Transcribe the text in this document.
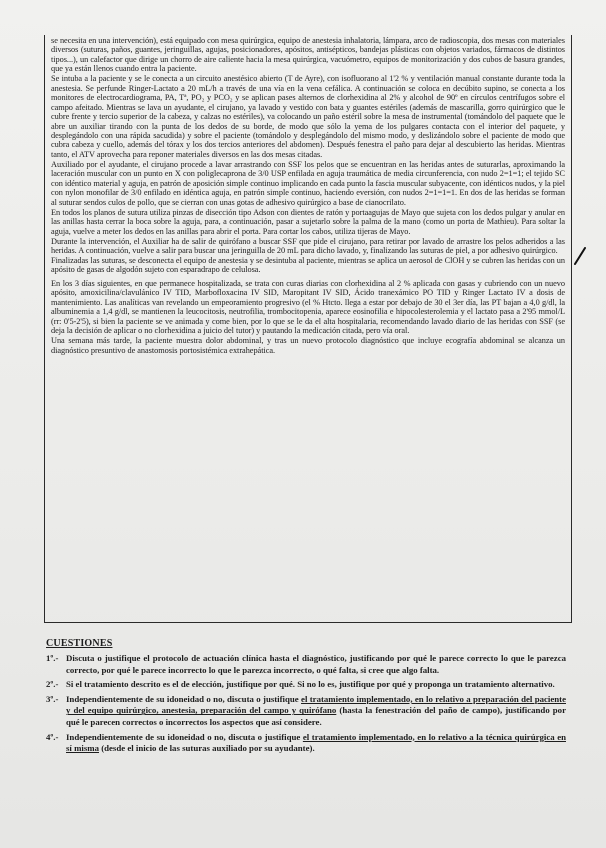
se necesita en una intervención), está equipado con mesa quirúrgica, equipo de anestesia inhalatoria, lámpara, arco de radioscopia, dos mesas con materiales diversos (suturas, paños, guantes, jeringuillas, agujas, posicionadores, apósitos, antisépticos, bandejas plásticas con objetos variados, fármacos de distintos tipos...), un calefactor que dirige un chorro de aire caliente hacia la mesa quirúrgica, vacuómetro, equipos de monitorización y dos cubos de basura grandes, que ya están llenos cuando entra la paciente.

Se intuba a la paciente y se le conecta a un circuito anestésico abierto (T de Ayre), con isofluorano al 1'2 % y ventilación manual constante durante toda la anestesia. Se perfunde Ringer-Lactato a 20 mL/h a través de una vía en la vena cefálica. A continuación se coloca en decúbito supino, se conecta a los monitores de electrocardiograma, PA, Tª, PO₂ y PCO₂ y se aplican pases alternos de clorhexidina al 2% y alcohol de 90º en círculos centrífugos sobre el campo afeitado. Mientras se lava un ayudante, el cirujano, ya lavado y vestido con bata y guantes estériles (además de mascarilla, gorro quirúrgico que le cubre frente y tercio superior de la cabeza, y calzas no estériles), va colocando un paño estéril sobre la mesa de instrumental (tomándolo del paquete que le abre un auxiliar tirando con la punta de los dedos de su borde, de modo que sólo la yema de los pulgares contacta con el interior del paquete, y desplegándolo con una rápida sacudida) y sobre el paciente (tomándolo y desplegándolo del mismo modo, y deslizándolo sobre el paciente de modo que cubra cabeza y cuello, además del tórax y los dos tercios anteriores del abdomen). Después fenestra el paño para dejar al descubierto las heridas. Mientras tanto, el ATV aprovecha para reponer materiales diversos en las dos mesas citadas.

Auxiliado por el ayudante, el cirujano procede a lavar arrastrando con SSF los pelos que se encuentran en las heridas antes de suturarlas, aproximando la laceración muscular con un punto en X con poliglecaprona de 3/0 USP enfilada en aguja traumática de media circunferencia, con nudo 2=1=1; el tejido SC con idéntico material y aguja, en patrón de aposición simple continuo implicando en cada punto la fascia muscular subyacente, con idénticos nudos, y la piel con nylon monofilar de 3/0 enfilado en idéntica aguja, en patrón simple continuo, haciendo eversión, con nudos 2=1=1=1. En dos de las heridas se forman al suturar sendos culos de pollo, que se cierran con unas gotas de adhesivo quirúrgico a base de cianocrilato.

En todos los planos de sutura utiliza pinzas de disección tipo Adson con dientes de ratón y portaagujas de Mayo que sujeta con los dedos pulgar y anular en las anillas hasta cerrar la boca sobre la aguja, para, a continuación, pasar a sujetarlo sobre la palma de la mano (como un porta de Mathieu). Para soltar la aguja, vuelve a meter los dedos en las anillas para abrir el porta. Para cortar los cabos, utiliza tijeras de Mayo.

Durante la intervención, el Auxiliar ha de salir de quirófano a buscar SSF que pide el cirujano, para retirar por lavado de arrastre los pelos adheridos a las heridas. A continuación, vuelve a salir para buscar una jeringuilla de 20 mL para dicho lavado, y, finalizando las suturas de piel, a por adhesivo quirúrgico.

Finalizadas las suturas, se desconecta el equipo de anestesia y se desintuba al paciente, mientras se aplica un aerosol de ClOH y se cubren las heridas con un apósito de gasas de algodón sujeto con esparadrapo de celulosa.

En los 3 días siguientes, en que permanece hospitalizada, se trata con curas diarias con clorhexidina al 2 % aplicada con gasas y cubriendo con un nuevo apósito, amoxicilina/clavulánico IV TID, Marbofloxacina IV SID, Maropitant IV SID, Ácido tranexámico PO TID y Ringer Lactato IV a dosis de mantenimiento. Las analíticas van revelando un empeoramiento progresivo (el % Htcto. llega a estar por debajo de 30 el 3er día, las PT bajan a 4,0 g/dl, la albuminemia a 1,4 g/dl, se mantienen la leucocitosis, neutrofilia, trombocitopenia, aparece eosinofilia e hipocolesterolemia y el lactato pasa a 2'95 mmol/L (rr: 0'5-2'5), si bien la paciente se ve animada y come bien, por lo que se le da el alta hospitalaria, recomendando lavado diario de las heridas con SSF (se deja la decisión de aplicar o no clorhexidina a juicio del tutor) y pautando la medicación citada, pero vía oral.

Una semana más tarde, la paciente muestra dolor abdominal, y tras un nuevo protocolo diagnóstico que incluye ecografía abdominal se alcanza un diagnóstico presuntivo de anastomosis portosistémica extrahepática.

CUESTIONES
1º.- Discuta o justifique el protocolo de actuación clínica hasta el diagnóstico, justificando por qué le parece correcto lo que le parezca correcto, por qué le parece incorrecto lo que le parezca incorrecto, o qué falta, si cree que algo falta.
2º.- Si el tratamiento descrito es el de elección, justifique por qué. Si no lo es, justifique por qué y proponga un tratamiento alternativo.
3º.- Independientemente de su idoneidad o no, discuta o justifique el tratamiento implementado, en lo relativo a preparación del paciente y del equipo quirúrgico, anestesia, preparación del campo y quirófano (hasta la fenestración del paño de campo), justificando por qué le parecen correctos o incorrectos los aspectos que así considere.
4º.- Independientemente de su idoneidad o no, discuta o justifique el tratamiento implementado, en lo relativo a la técnica quirúrgica en sí misma (desde el inicio de las suturas auxiliado por su ayudante).
